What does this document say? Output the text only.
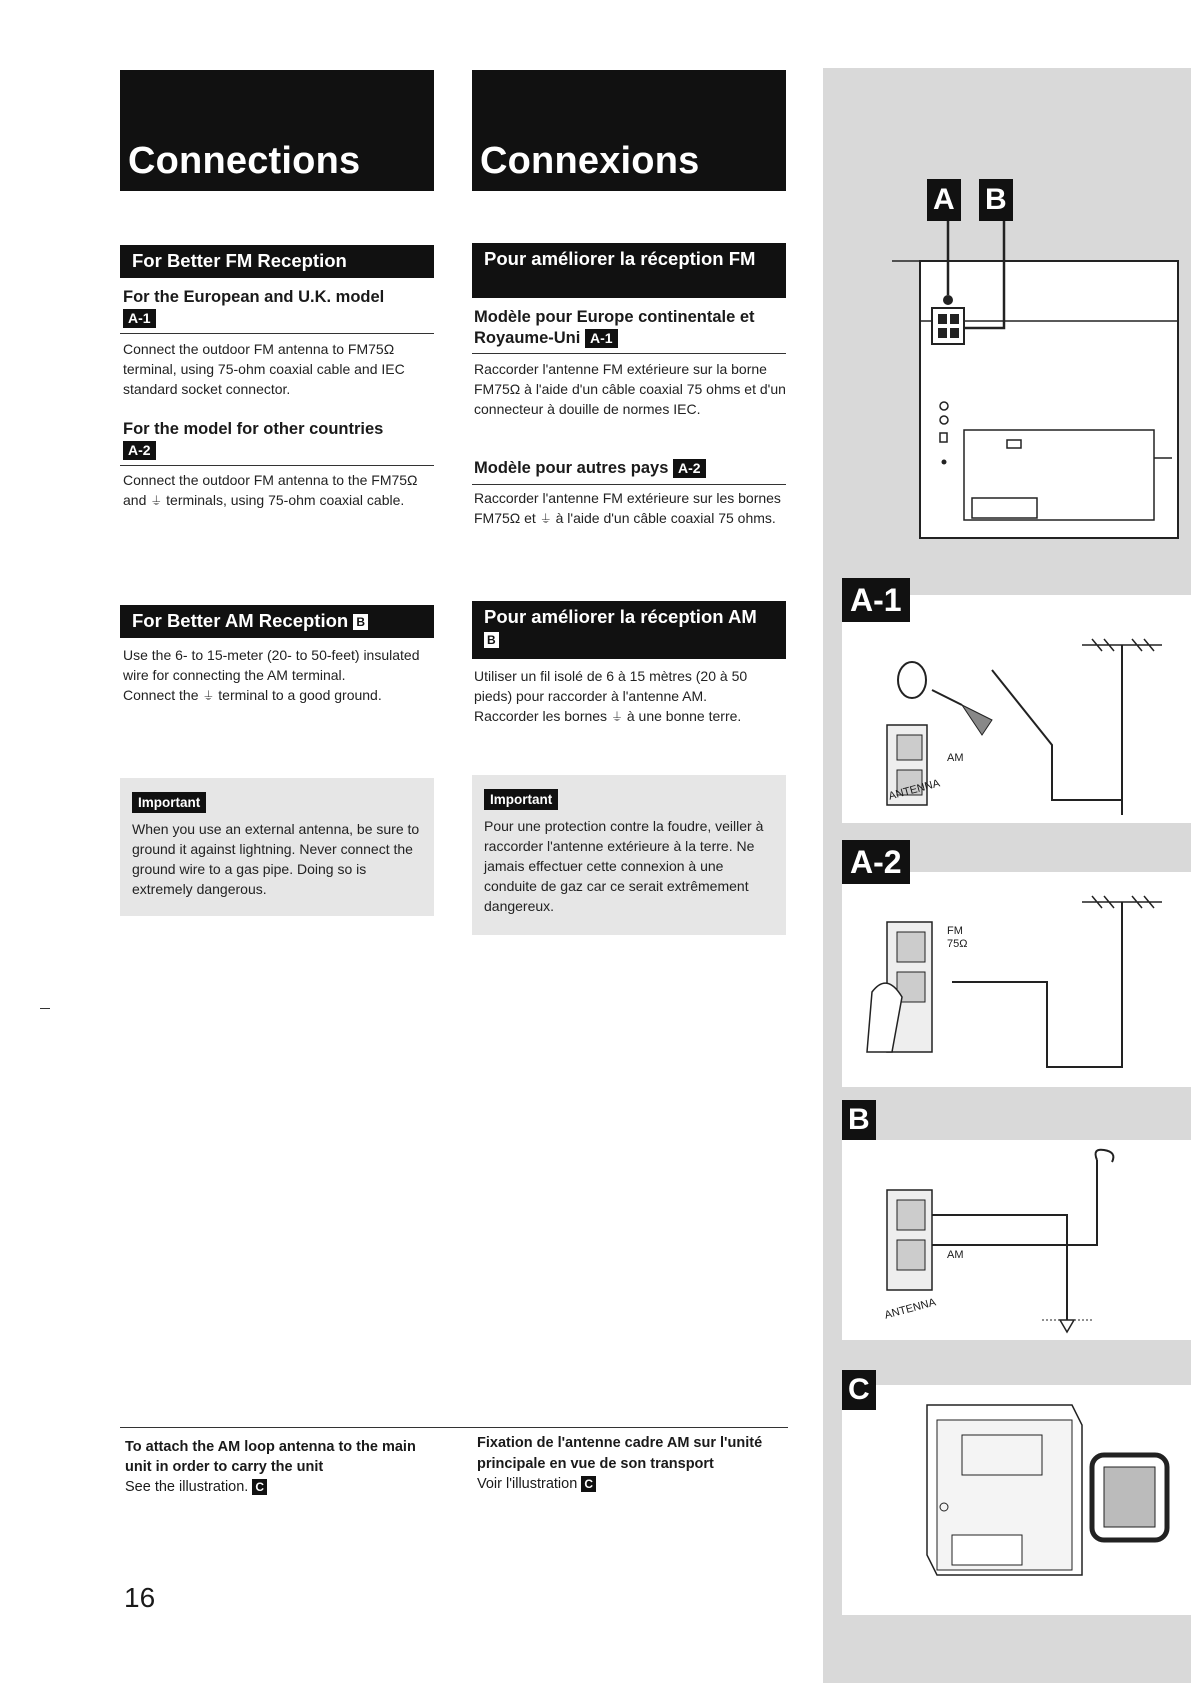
Connections
For Better FM Reception
For the European and U.K. model
A-1
Connect the outdoor FM antenna to FM75Ω terminal, using 75-ohm coaxial cable and IEC standard socket connector.
For the model for other countries
A-2
Connect the outdoor FM antenna to the FM75Ω and ⏚ terminals, using 75-ohm coaxial cable.
For Better AM Reception B
Use the 6- to 15-meter (20- to 50-feet) insulated wire for connecting the AM terminal.
Connect the ⏚ terminal to a good ground.
Important
When you use an external antenna, be sure to ground it against lightning. Never connect the ground wire to a gas pipe. Doing so is extremely dangerous.
To attach the AM loop antenna to the main unit in order to carry the unit
See the illustration. C
Connexions
Pour améliorer la réception FM
Modèle pour Europe continentale et Royaume-Uni A-1
Raccorder l'antenne FM extérieure sur la borne FM75Ω à l'aide d'un câble coaxial 75 ohms et d'un connecteur à douille de normes IEC.
Modèle pour autres pays A-2
Raccorder l'antenne FM extérieure sur les bornes FM75Ω et ⏚ à l'aide d'un câble coaxial 75 ohms.
Pour améliorer la réception AM B
Utiliser un fil isolé de 6 à 15 mètres (20 à 50 pieds) pour raccorder à l'antenne AM.
Raccorder les bornes ⏚ à une bonne terre.
Important
Pour une protection contre la foudre, veiller à raccorder l'antenne extérieure à la terre. Ne jamais effectuer cette connexion à une conduite de gaz car ce serait extrêmement dangereux.
Fixation de l'antenne cadre AM sur l'unité principale en vue de son transport
Voir l'illustration C
16
A B
A-1
ANTENNA
AM
A-2
FM
75Ω
B
ANTENNA
AM
C
